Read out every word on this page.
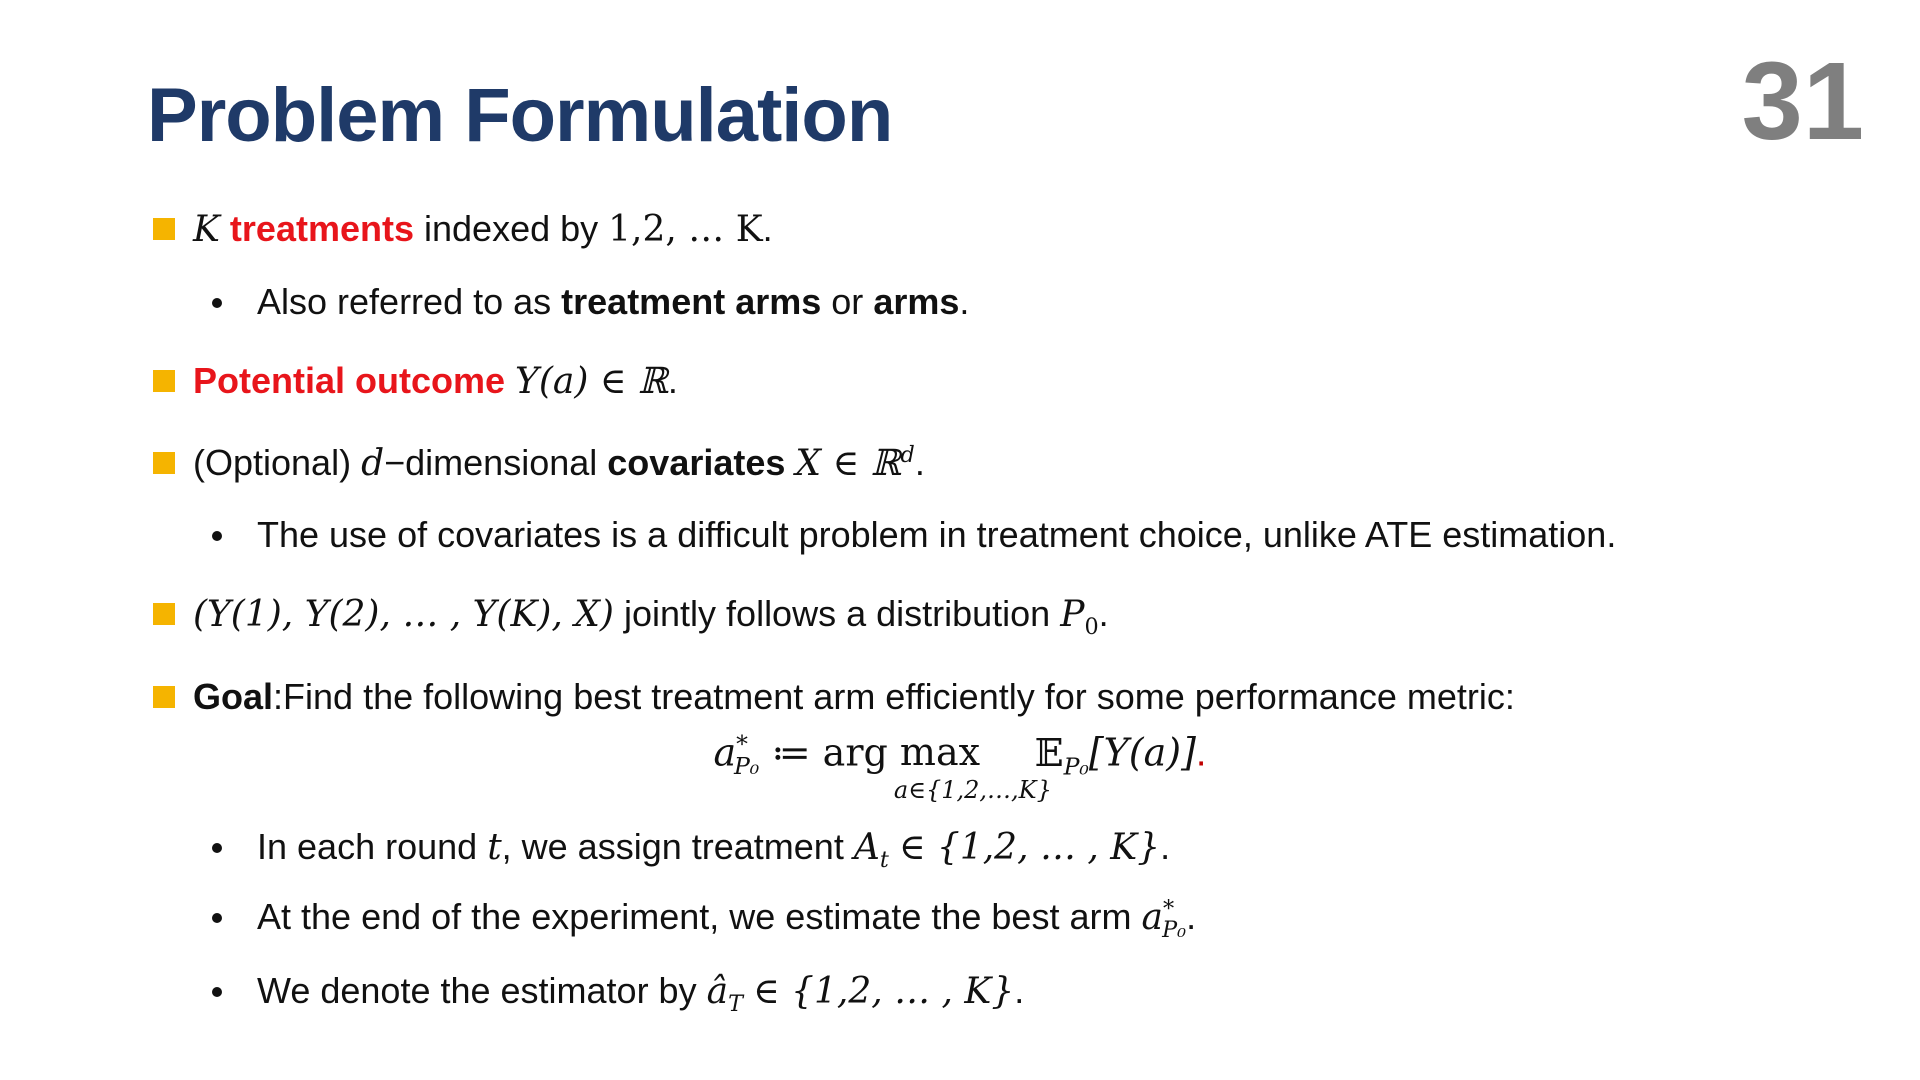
Problem Formulation	31
K treatments indexed by 1,2, … K.
Also referred to as treatment arms or arms.
Potential outcome Y(a) ∈ ℝ.
(Optional) d−dimensional covariates X ∈ ℝ$^d$.
The use of covariates is a difficult problem in treatment choice, unlike ATE estimation.
(Y(1), Y(2), … , Y(K), X) jointly follows a distribution $P_0$.
Goal:Find the following best treatment arm efficiently for some performance metric:
$a^*_{P_0}$ ≔ arg max
a∈{1,2,…,K}
𝔼$_{P_0}$[Y(a)].
In each round t, we assign treatment $A_t$ ∈ {1,2, … , K}.
At the end of the experiment, we estimate the best arm $a^*_{P_0}$.
We denote the estimator by $â_T$ ∈ {1,2, … , K}.
